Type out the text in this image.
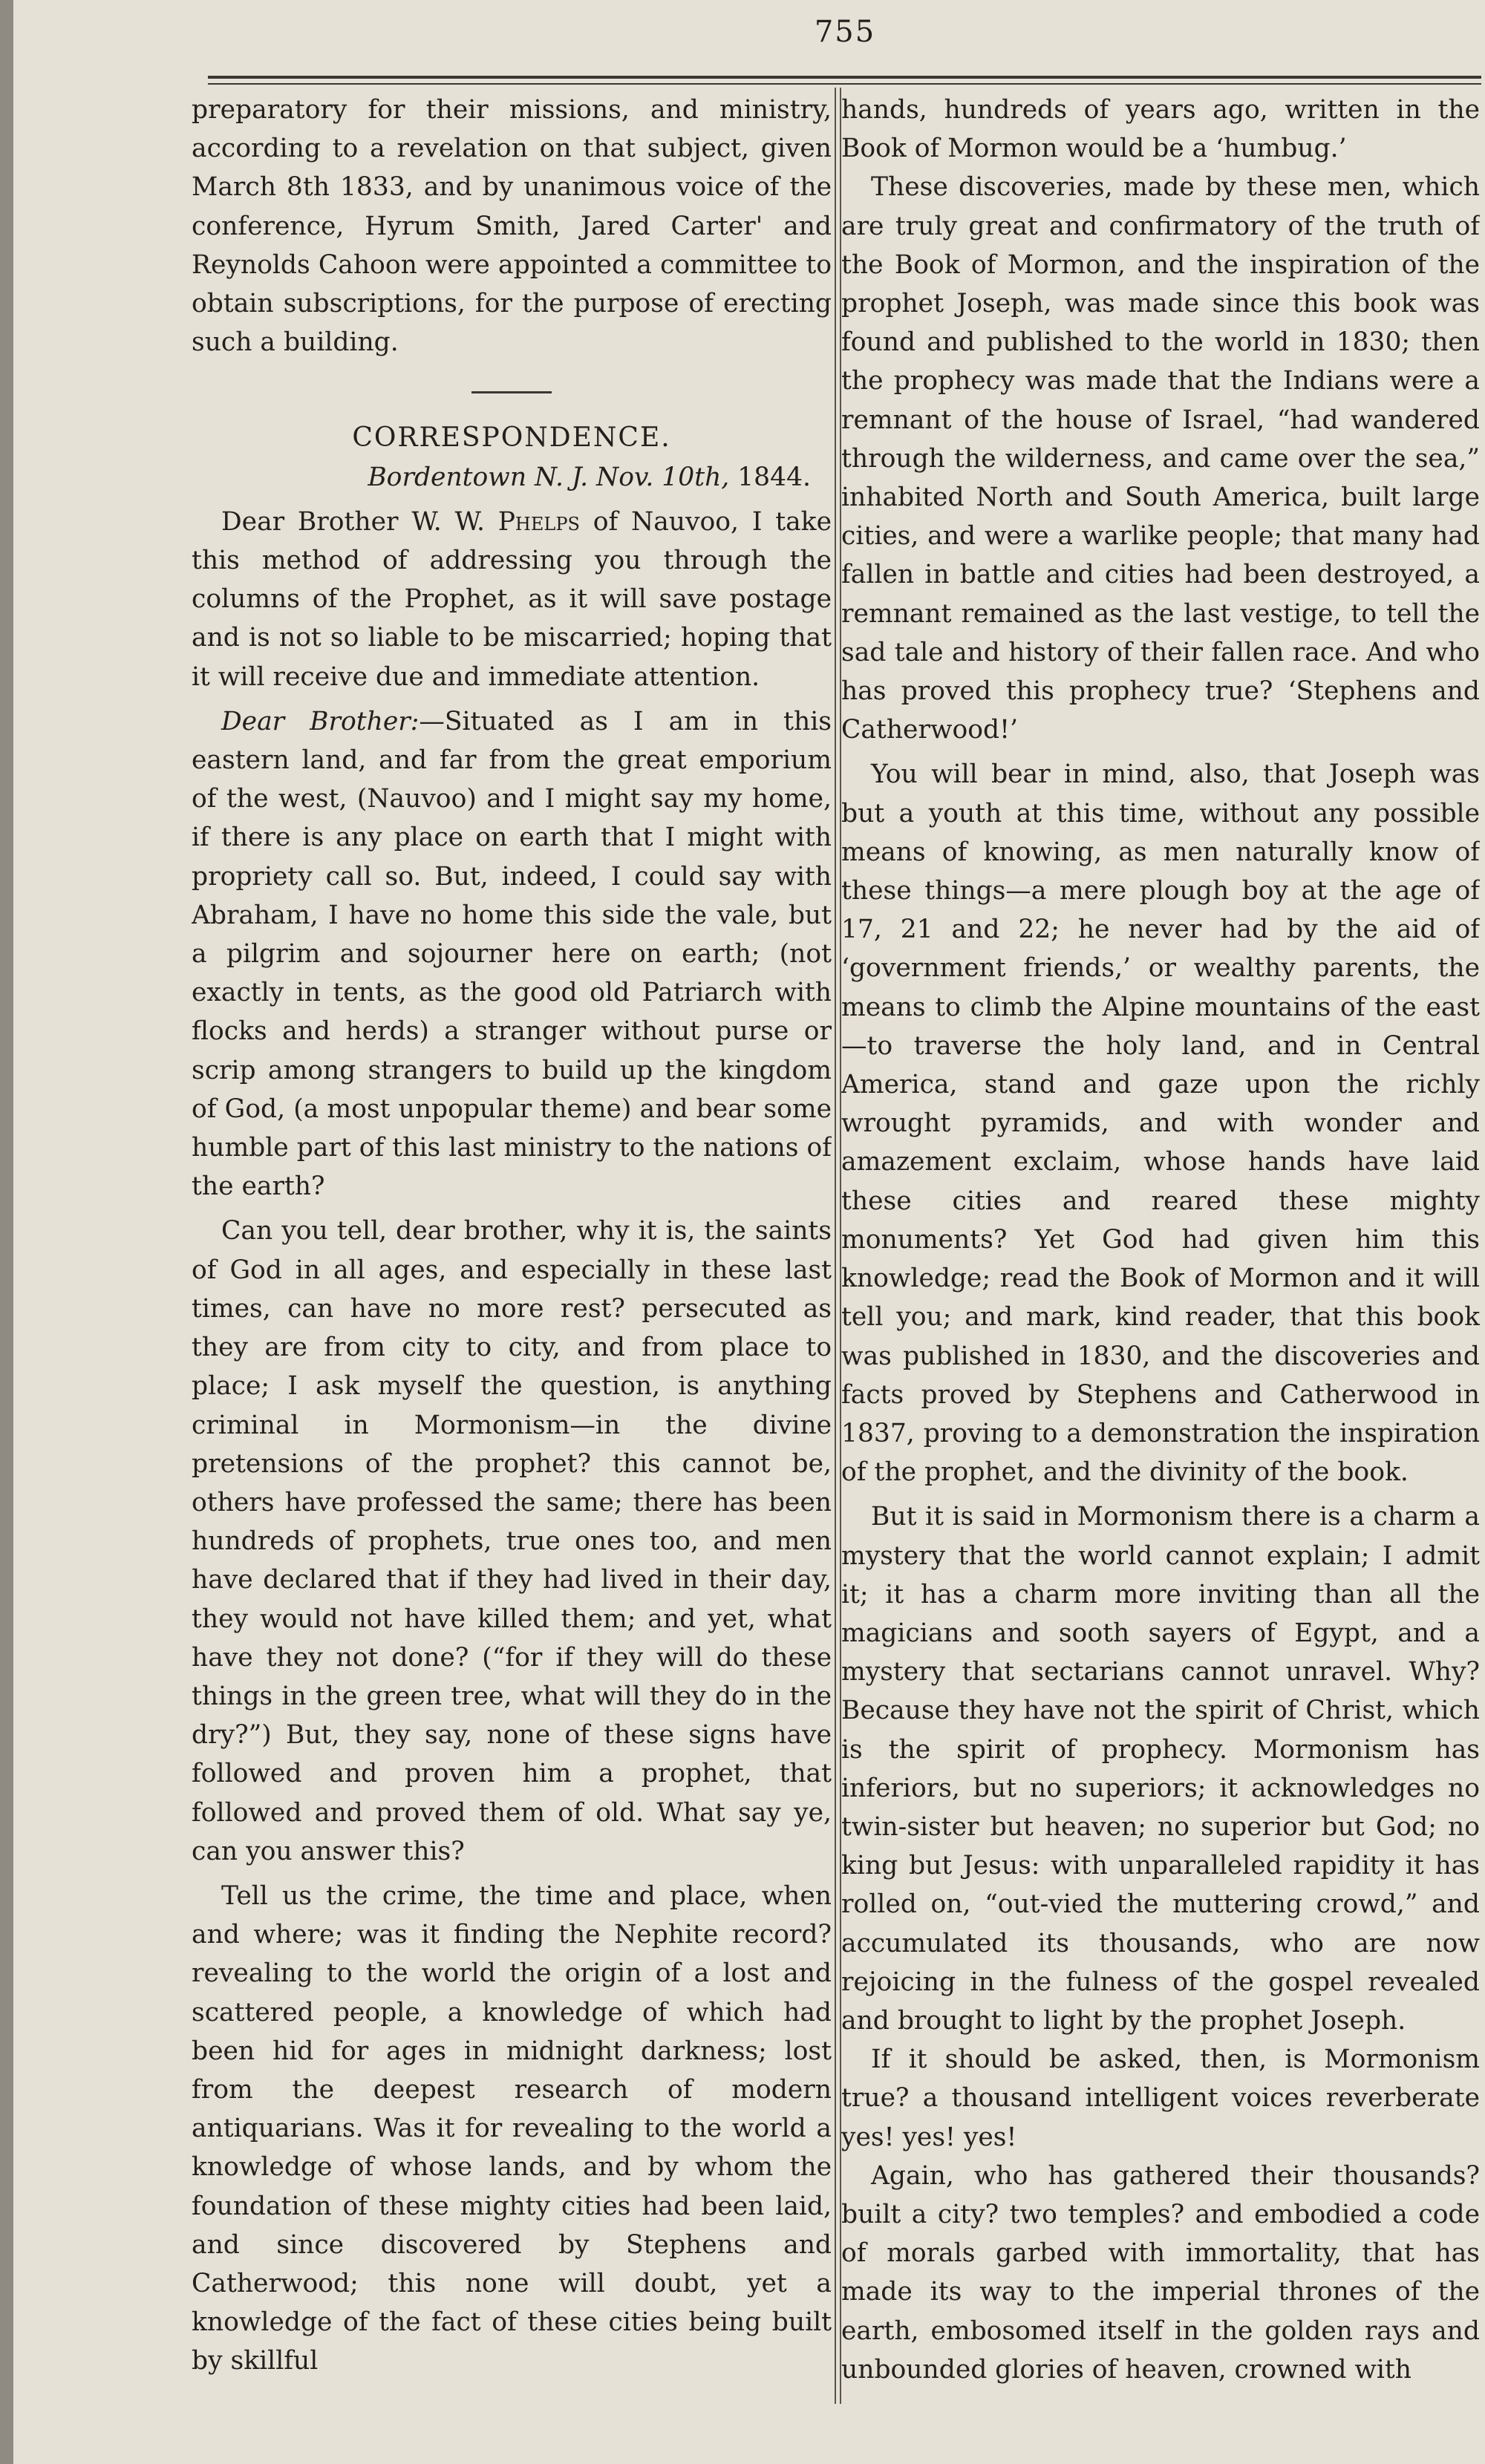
755

preparatory for their missions, and ministry, according to a revelation on that subject, given March 8th 1833, and by unanimous voice of the conference, Hyrum Smith, Jared Carter' and Reynolds Cahoon were appointed a committee to obtain subscriptions, for the purpose of erecting such a building.

CORRESPONDENCE.

Bordentown N. J. Nov. 10th, 1844.

Dear Brother W. W. Phelps of Nauvoo, I take this method of addressing you through the columns of the Prophet, as it will save postage and is not so liable to be miscarried; hoping that it will receive due and immediate attention.

Dear Brother:—Situated as I am in this eastern land, and far from the great emporium of the west, (Nauvoo) and I might say my home, if there is any place on earth that I might with propriety call so. But, indeed, I could say with Abraham, I have no home this side the vale, but a pilgrim and sojourner here on earth; (not exactly in tents, as the good old Patriarch with flocks and herds) a stranger without purse or scrip among strangers to build up the kingdom of God, (a most unpopular theme) and bear some humble part of this last ministry to the nations of the earth?

Can you tell, dear brother, why it is, the saints of God in all ages, and especially in these last times, can have no more rest? persecuted as they are from city to city, and from place to place; I ask myself the question, is anything criminal in Mormonism—in the divine pretensions of the prophet? this cannot be, others have professed the same; there has been hundreds of prophets, true ones too, and men have declared that if they had lived in their day, they would not have killed them; and yet, what have they not done? (“for if they will do these things in the green tree, what will they do in the dry?”) But, they say, none of these signs have followed and proven him a prophet, that followed and proved them of old. What say ye, can you answer this?

Tell us the crime, the time and place, when and where; was it finding the Nephite record? revealing to the world the origin of a lost and scattered people, a knowledge of which had been hid for ages in midnight darkness; lost from the deepest research of modern antiquarians. Was it for revealing to the world a knowledge of whose lands, and by whom the foundation of these mighty cities had been laid, and since discovered by Stephens and Catherwood; this none will doubt, yet a knowledge of the fact of these cities being built by skillful

hands, hundreds of years ago, written in the Book of Mormon would be a ‘humbug.’

These discoveries, made by these men, which are truly great and confirmatory of the truth of the Book of Mormon, and the inspiration of the prophet Joseph, was made since this book was found and published to the world in 1830; then the prophecy was made that the Indians were a remnant of the house of Israel, “had wandered through the wilderness, and came over the sea,” inhabited North and South America, built large cities, and were a warlike people; that many had fallen in battle and cities had been destroyed, a remnant remained as the last vestige, to tell the sad tale and history of their fallen race. And who has proved this prophecy true? ‘Stephens and Catherwood!’

You will bear in mind, also, that Joseph was but a youth at this time, without any possible means of knowing, as men naturally know of these things—a mere plough boy at the age of 17, 21 and 22; he never had by the aid of ‘government friends,’ or wealthy parents, the means to climb the Alpine mountains of the east—to traverse the holy land, and in Central America, stand and gaze upon the richly wrought pyramids, and with wonder and amazement exclaim, whose hands have laid these cities and reared these mighty monuments? Yet God had given him this knowledge; read the Book of Mormon and it will tell you; and mark, kind reader, that this book was published in 1830, and the discoveries and facts proved by Stephens and Catherwood in 1837, proving to a demonstration the inspiration of the prophet, and the divinity of the book.

But it is said in Mormonism there is a charm a mystery that the world cannot explain; I admit it; it has a charm more inviting than all the magicians and sooth sayers of Egypt, and a mystery that sectarians cannot unravel. Why? Because they have not the spirit of Christ, which is the spirit of prophecy. Mormonism has inferiors, but no superiors; it acknowledges no twin-sister but heaven; no superior but God; no king but Jesus: with unparalleled rapidity it has rolled on, “out-vied the muttering crowd,” and accumulated its thousands, who are now rejoicing in the fulness of the gospel revealed and brought to light by the prophet Joseph.

If it should be asked, then, is Mormonism true? a thousand intelligent voices reverberate yes! yes! yes!

Again, who has gathered their thousands? built a city? two temples? and embodied a code of morals garbed with immortality, that has made its way to the imperial thrones of the earth, embosomed itself in the golden rays and unbounded glories of heaven, crowned with
